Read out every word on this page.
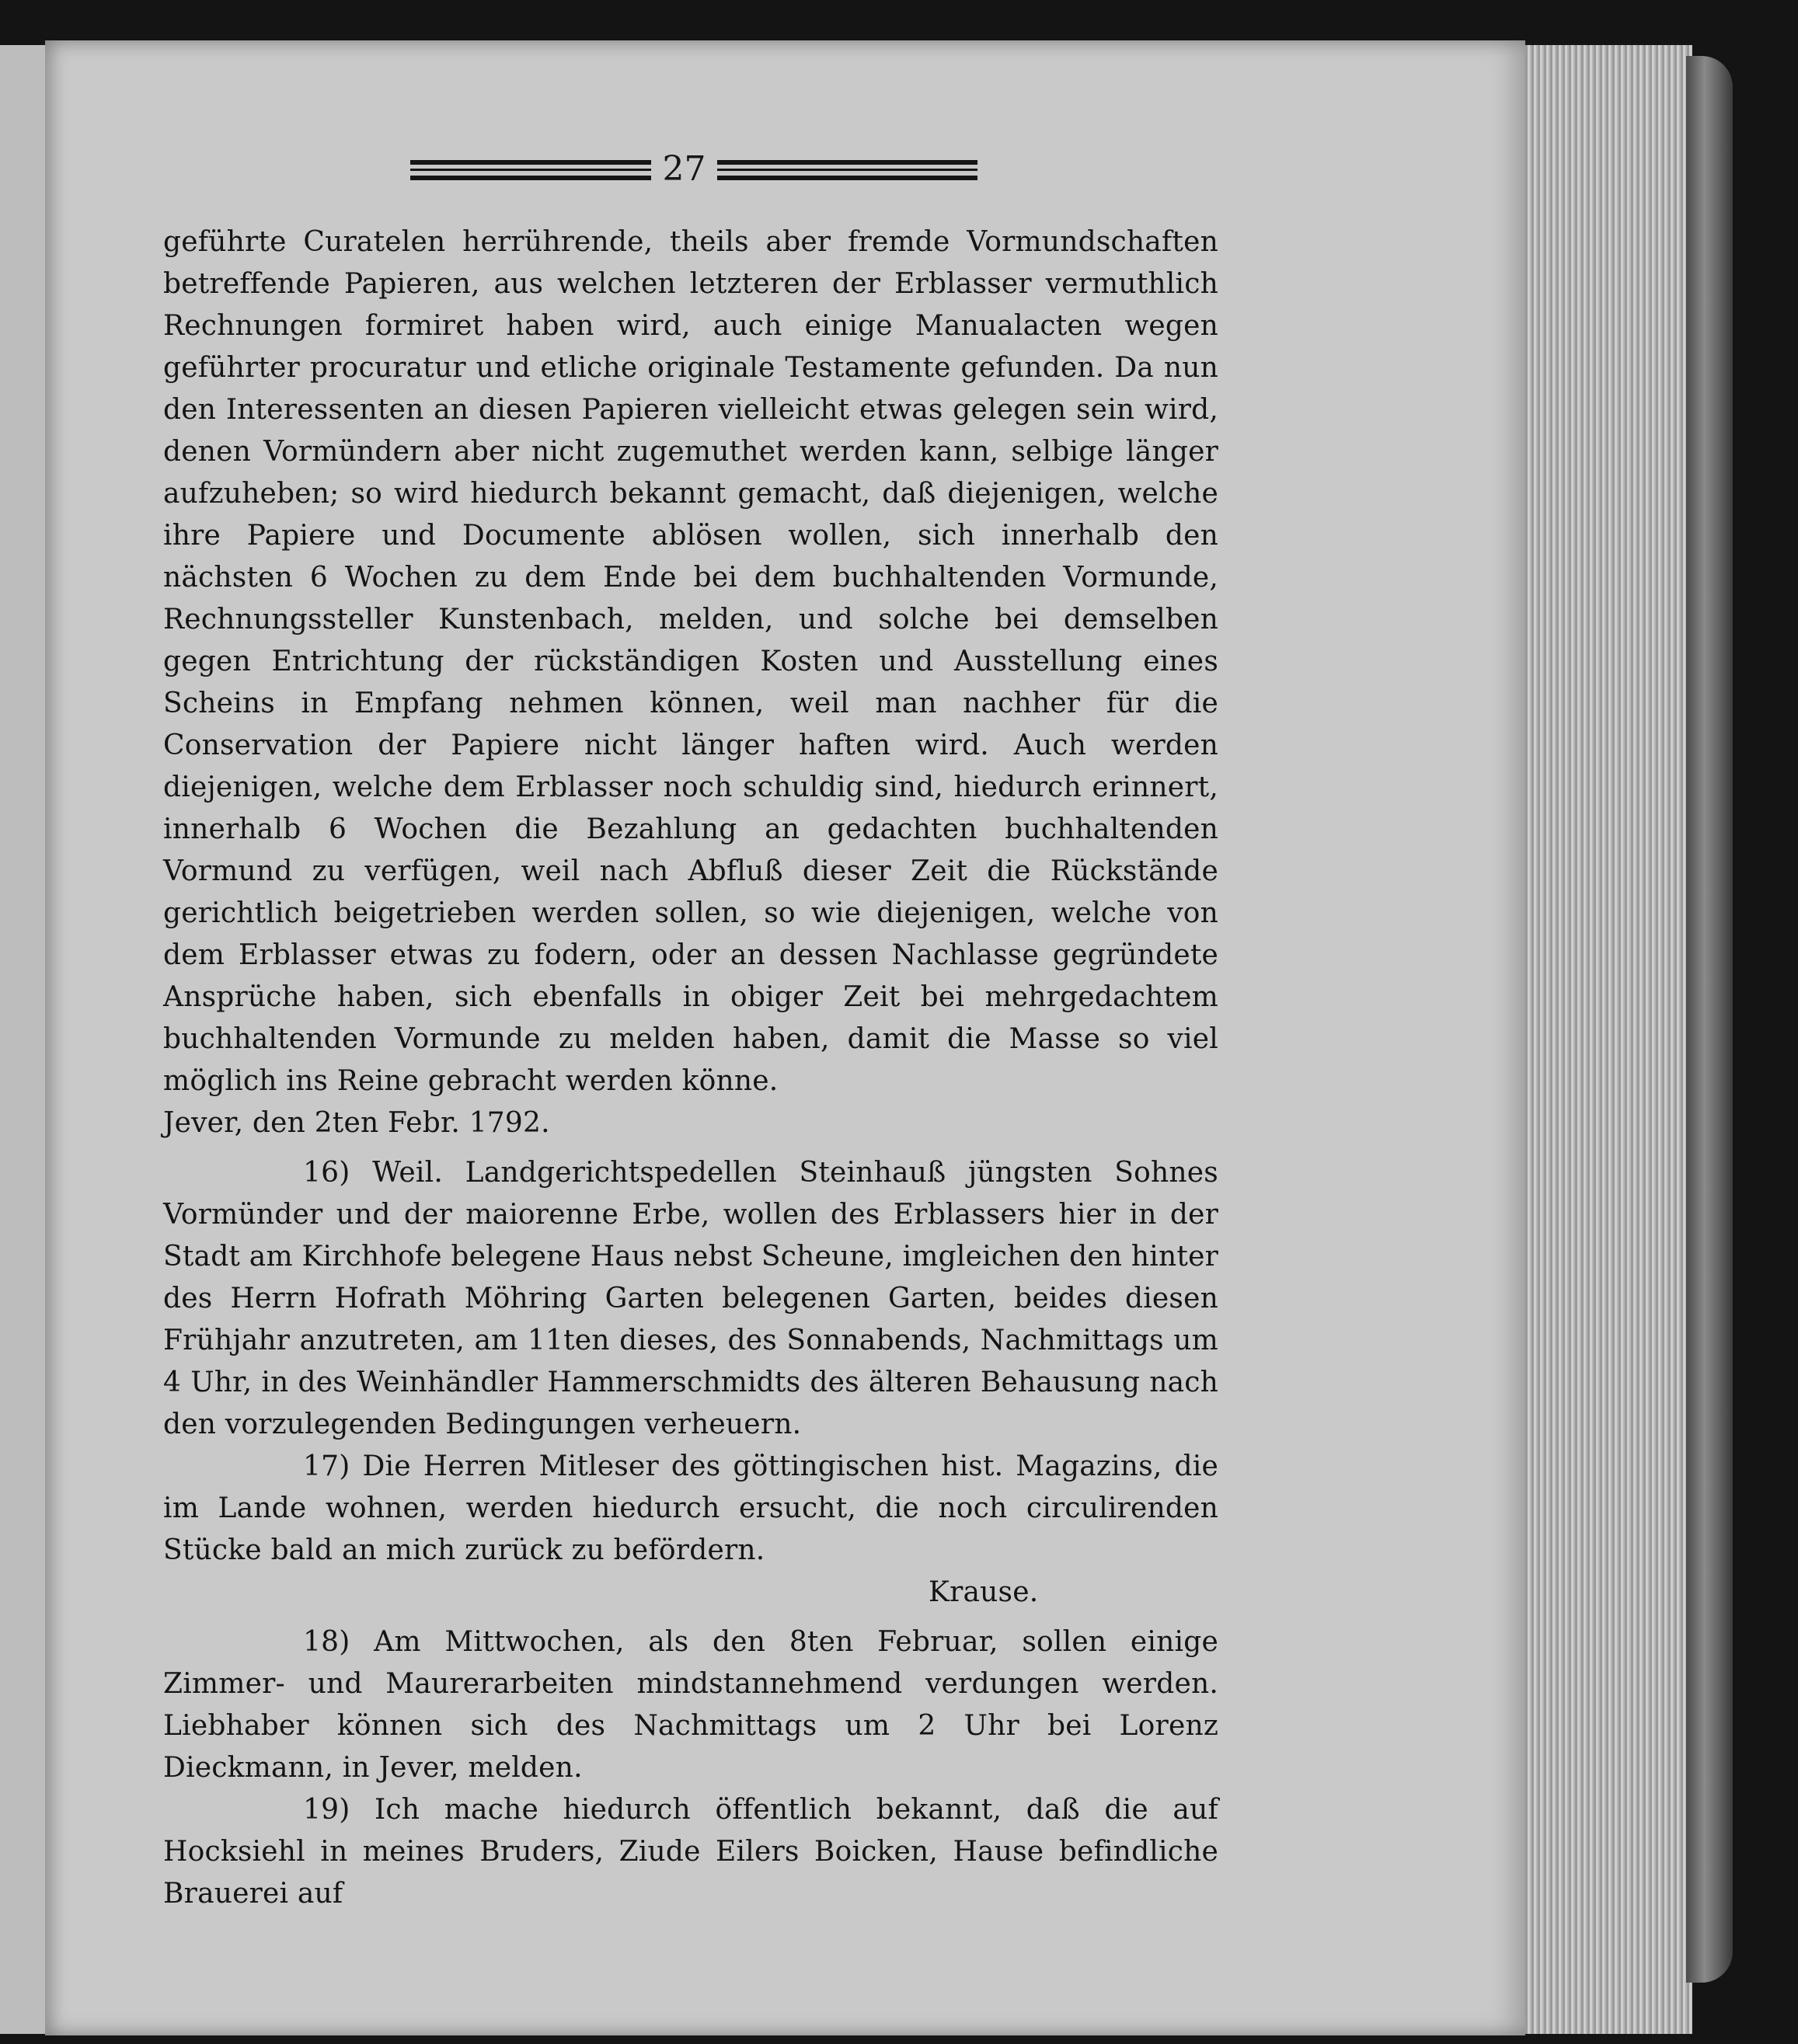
27

geführte Curatelen herrührende, theils aber fremde Vormundschaften betreffende Papieren, aus welchen letzteren der Erblasser vermuthlich Rechnungen formiret haben wird, auch einige Manualacten wegen geführter procuratur und etliche originale Testamente gefunden. Da nun den Interessenten an diesen Papieren vielleicht etwas gelegen sein wird, denen Vormündern aber nicht zugemuthet werden kann, selbige länger aufzuheben; so wird hiedurch bekannt gemacht, daß diejenigen, welche ihre Papiere und Documente ablösen wollen, sich innerhalb den nächsten 6 Wochen zu dem Ende bei dem buchhaltenden Vormunde, Rechnungssteller Kunstenbach, melden, und solche bei demselben gegen Entrichtung der rückständigen Kosten und Ausstellung eines Scheins in Empfang nehmen können, weil man nachher für die Conservation der Papiere nicht länger haften wird. Auch werden diejenigen, welche dem Erblasser noch schuldig sind, hiedurch erinnert, innerhalb 6 Wochen die Bezahlung an gedachten buchhaltenden Vormund zu verfügen, weil nach Abfluß dieser Zeit die Rückstände gerichtlich beigetrieben werden sollen, so wie diejenigen, welche von dem Erblasser etwas zu fodern, oder an dessen Nachlasse gegründete Ansprüche haben, sich ebenfalls in obiger Zeit bei mehrgedachtem buchhaltenden Vormunde zu melden haben, damit die Masse so viel möglich ins Reine gebracht werden könne.

Jever, den 2ten Febr. 1792.

16) Weil. Landgerichtspedellen Steinhauß jüngsten Sohnes Vormünder und der maiorenne Erbe, wollen des Erblassers hier in der Stadt am Kirchhofe belegene Haus nebst Scheune, imgleichen den hinter des Herrn Hofrath Möhring Garten belegenen Garten, beides diesen Frühjahr anzutreten, am 11ten dieses, des Sonnabends, Nachmittags um 4 Uhr, in des Weinhändler Hammerschmidts des älteren Behausung nach den vorzulegenden Bedingungen verheuern.

17) Die Herren Mitleser des göttingischen hist. Magazins, die im Lande wohnen, werden hiedurch ersucht, die noch circulirenden Stücke bald an mich zurück zu befördern.

Krause.

18) Am Mittwochen, als den 8ten Februar, sollen einige Zimmer- und Maurerarbeiten mindstannehmend verdungen werden. Liebhaber können sich des Nachmittags um 2 Uhr bei Lorenz Dieckmann, in Jever, melden.

19) Ich mache hiedurch öffentlich bekannt, daß die auf Hocksiehl in meines Bruders, Ziude Eilers Boicken, Hause befindliche Brauerei auf
